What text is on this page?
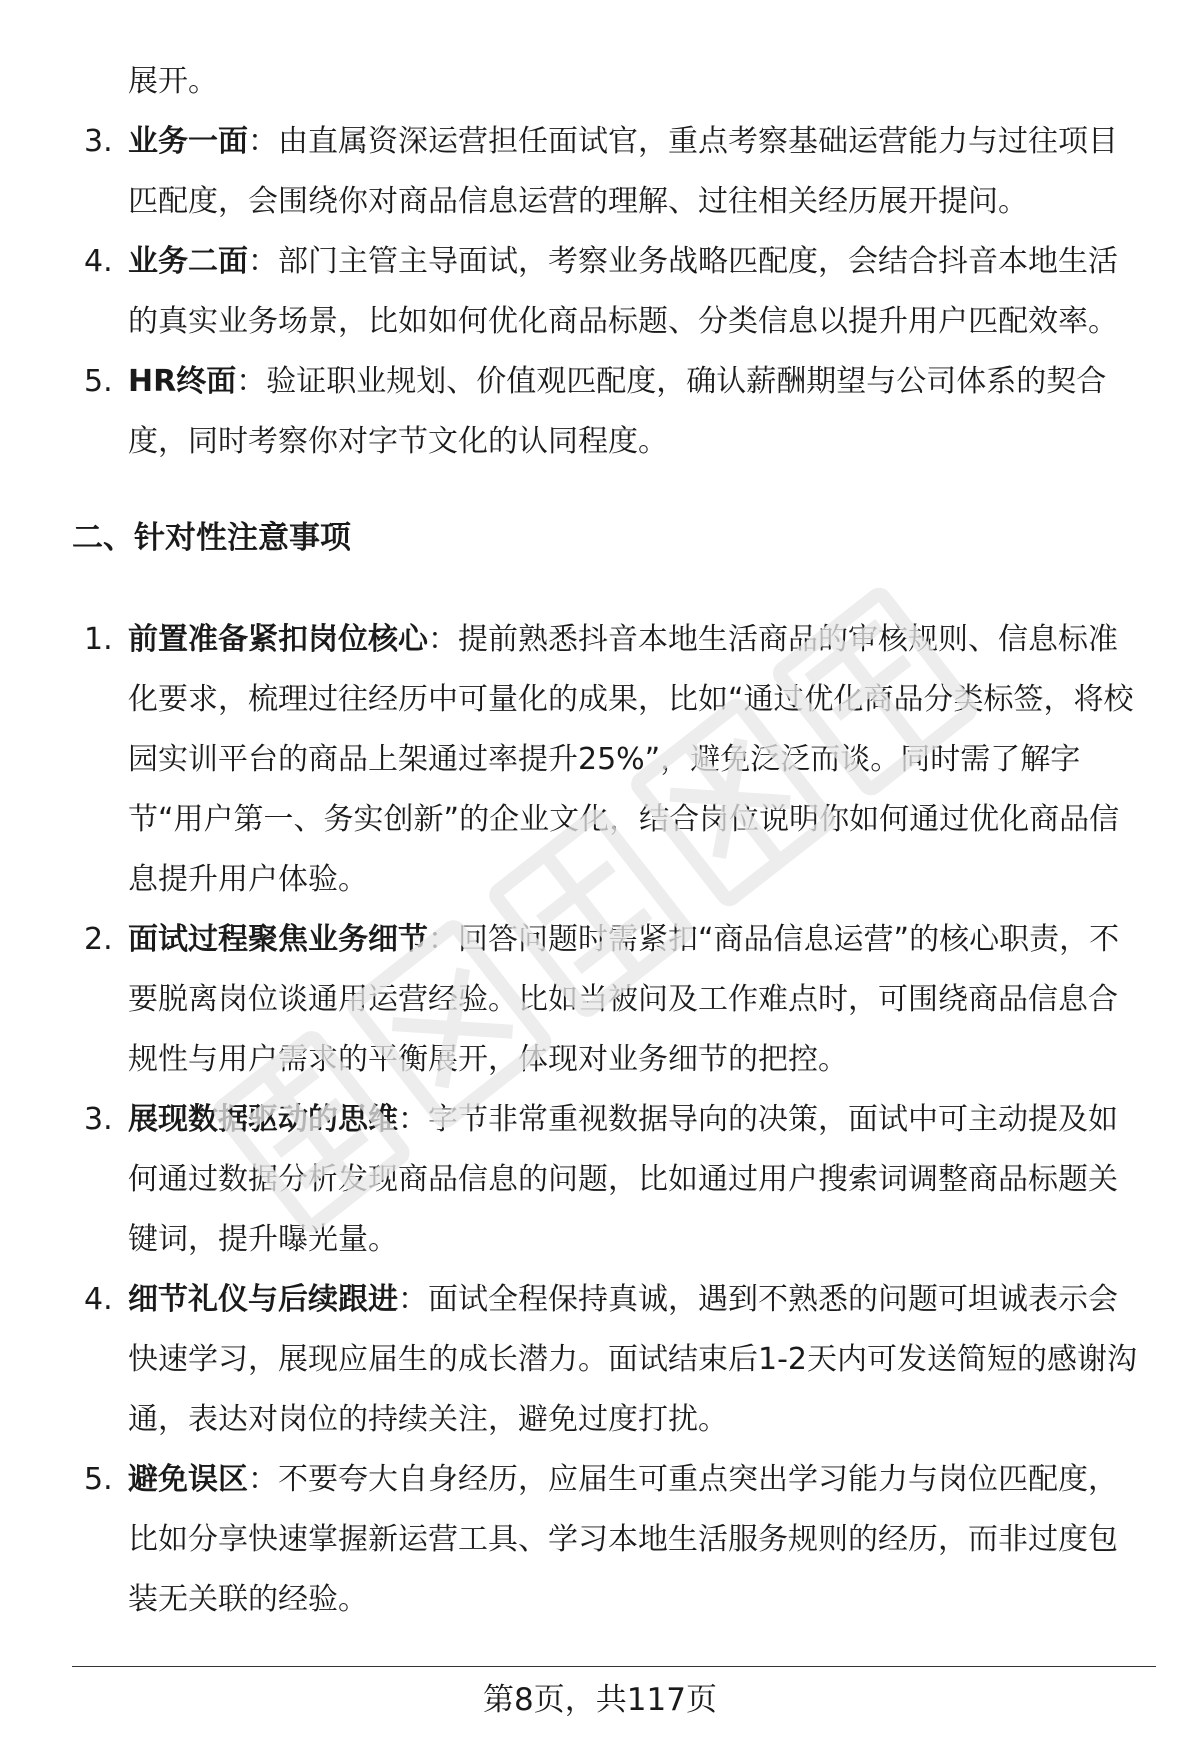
展开。

3. 业务一面：由直属资深运营担任面试官，重点考察基础运营能力与过往项目匹配度，会围绕你对商品信息运营的理解、过往相关经历展开提问。
4. 业务二面：部门主管主导面试，考察业务战略匹配度，会结合抖音本地生活的真实业务场景，比如如何优化商品标题、分类信息以提升用户匹配效率。
5. HR终面：验证职业规划、价值观匹配度，确认薪酬期望与公司体系的契合度，同时考察你对字节文化的认同程度。
二、针对性注意事项
1. 前置准备紧扣岗位核心：提前熟悉抖音本地生活商品的审核规则、信息标准化要求，梳理过往经历中可量化的成果，比如“通过优化商品分类标签，将校园实训平台的商品上架通过率提升25%”，避免泛泛而谈。同时需了解字节“用户第一、务实创新”的企业文化，结合岗位说明你如何通过优化商品信息提升用户体验。
2. 面试过程聚焦业务细节：回答问题时需紧扣“商品信息运营”的核心职责，不要脱离岗位谈通用运营经验。比如当被问及工作难点时，可围绕商品信息合规性与用户需求的平衡展开，体现对业务细节的把控。
3. 展现数据驱动的思维：字节非常重视数据导向的决策，面试中可主动提及如何通过数据分析发现商品信息的问题，比如通过用户搜索词调整商品标题关键词，提升曝光量。
4. 细节礼仪与后续跟进：面试全程保持真诚，遇到不熟悉的问题可坦诚表示会快速学习，展现应届生的成长潜力。面试结束后1-2天内可发送简短的感谢沟通，表达对岗位的持续关注，避免过度打扰。
5. 避免误区：不要夸大自身经历，应届生可重点突出学习能力与岗位匹配度，比如分享快速掌握新运营工具、学习本地生活服务规则的经历，而非过度包装无关联的经验。
第8页，共117页
